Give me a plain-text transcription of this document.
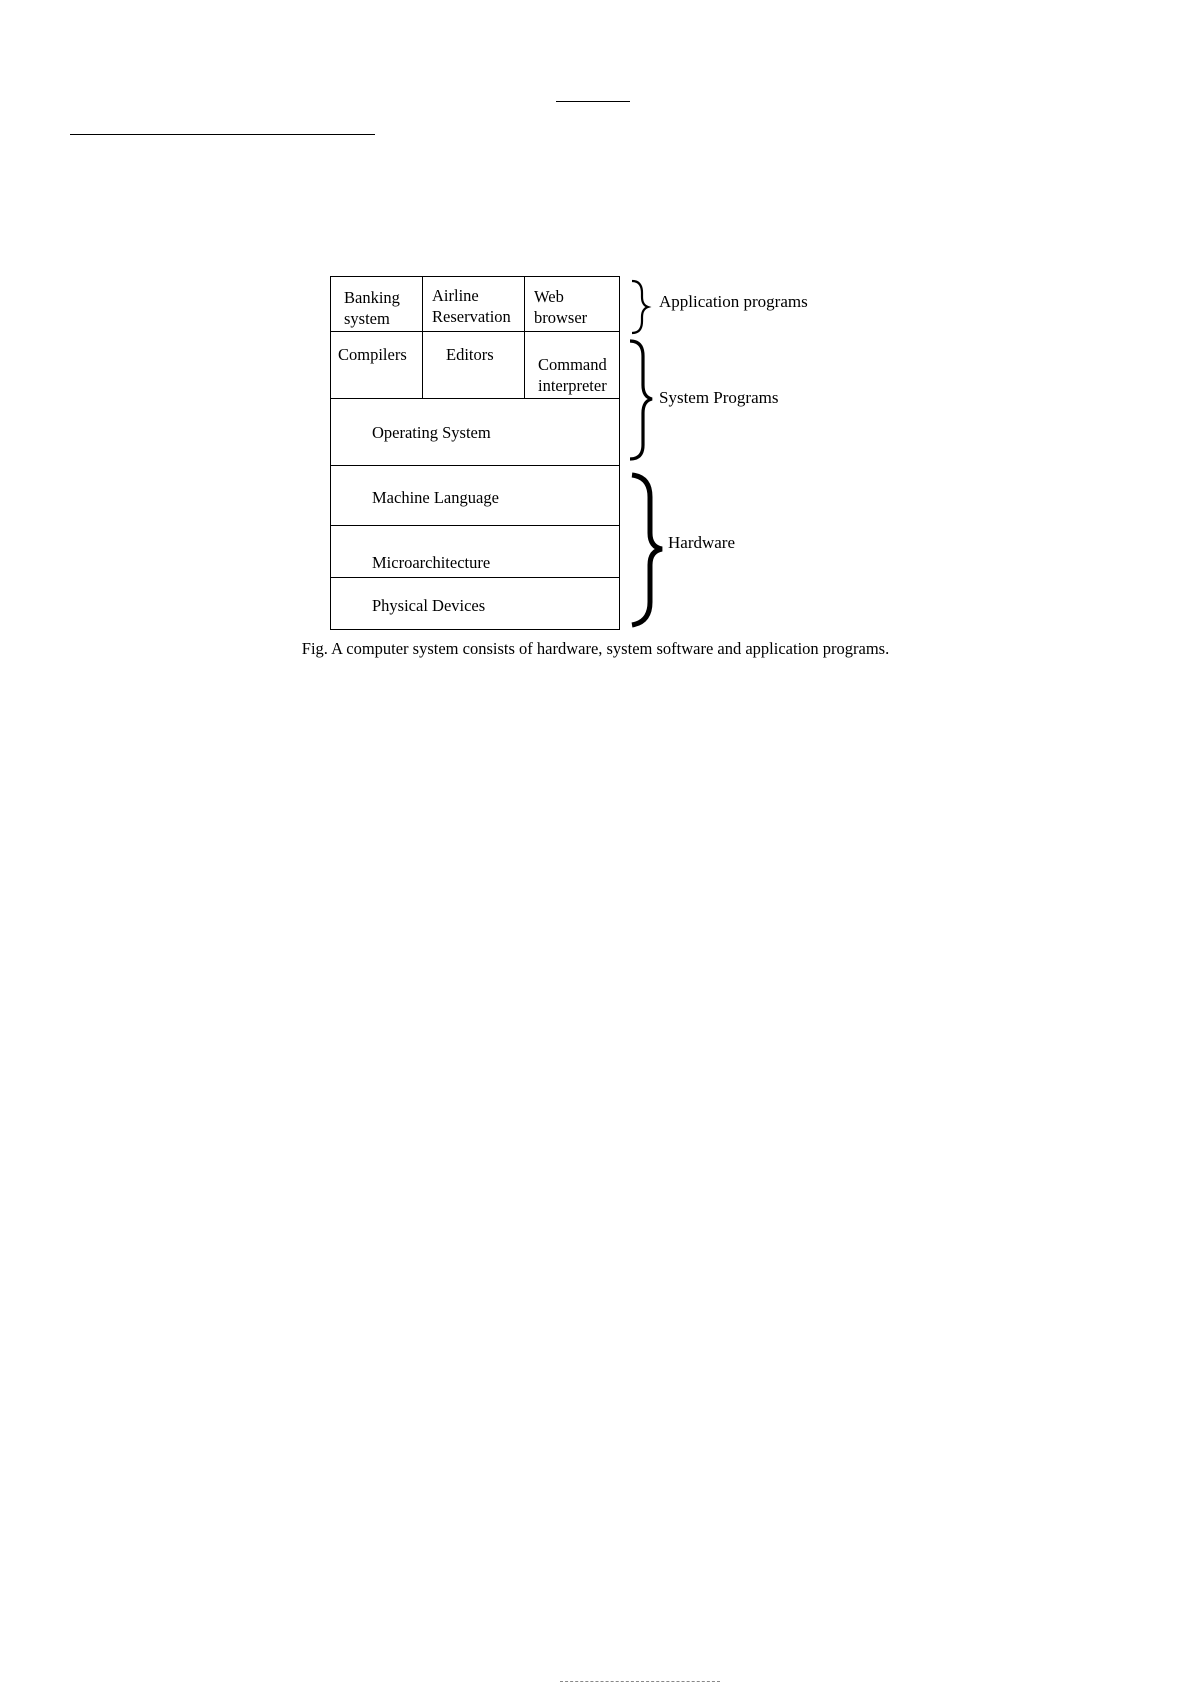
Banking
system
Airline
Reservation
Web
browser
Compilers Editors
Command
interpreter
Operating System
Machine Language
Microarchitecture
Physical Devices
Application programs
System Programs
Hardware
Fig. A computer system consists of hardware, system software and application programs.
